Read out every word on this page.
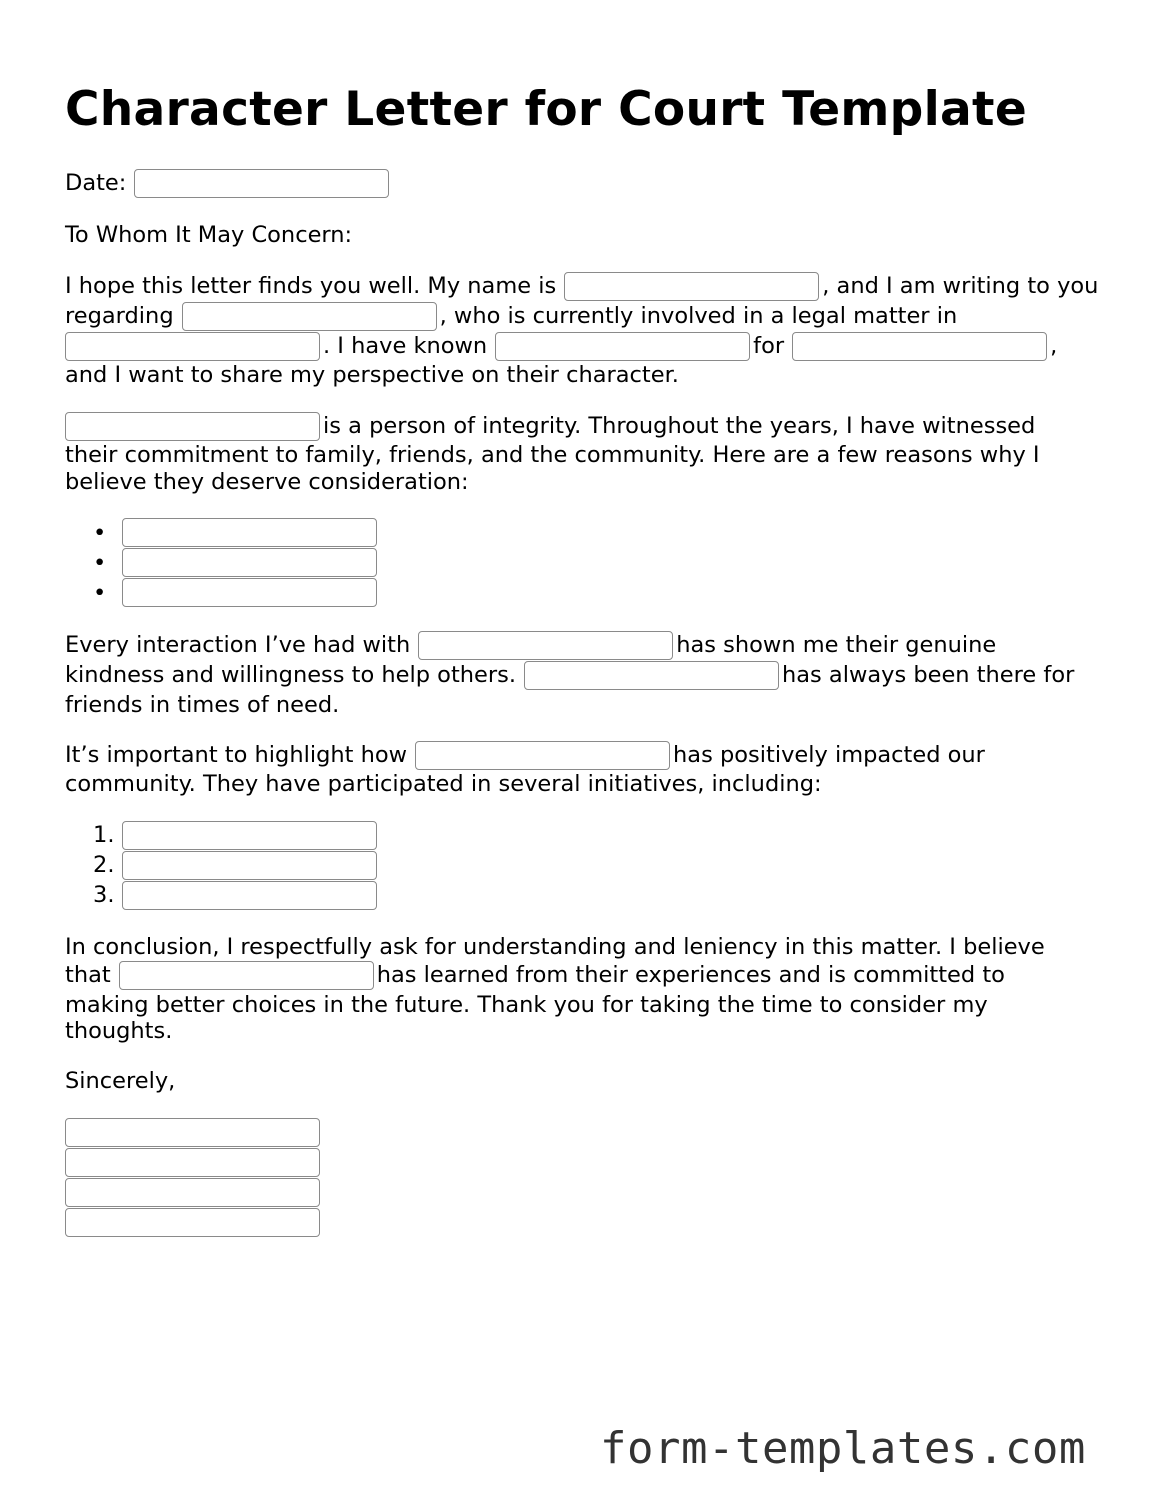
Character Letter for Court Template
Date:
To Whom It May Concern:
I hope this letter finds you well. My name is	, and I am writing to you
regarding	, who is currently involved in a legal matter in
. I have known	for	,
and I want to share my perspective on their character.
is a person of integrity. Throughout the years, I have witnessed
their commitment to family, friends, and the community. Here are a few reasons why I
believe they deserve consideration:
•
•
•
Every interaction I’ve had with	has shown me their genuine
kindness and willingness to help others.	has always been there for
friends in times of need.
It’s important to highlight how	has positively impacted our
community. They have participated in several initiatives, including:
1.
2.
3.
In conclusion, I respectfully ask for understanding and leniency in this matter. I believe
that	has learned from their experiences and is committed to
making better choices in the future. Thank you for taking the time to consider my
thoughts.
Sincerely,
form-templates.com
